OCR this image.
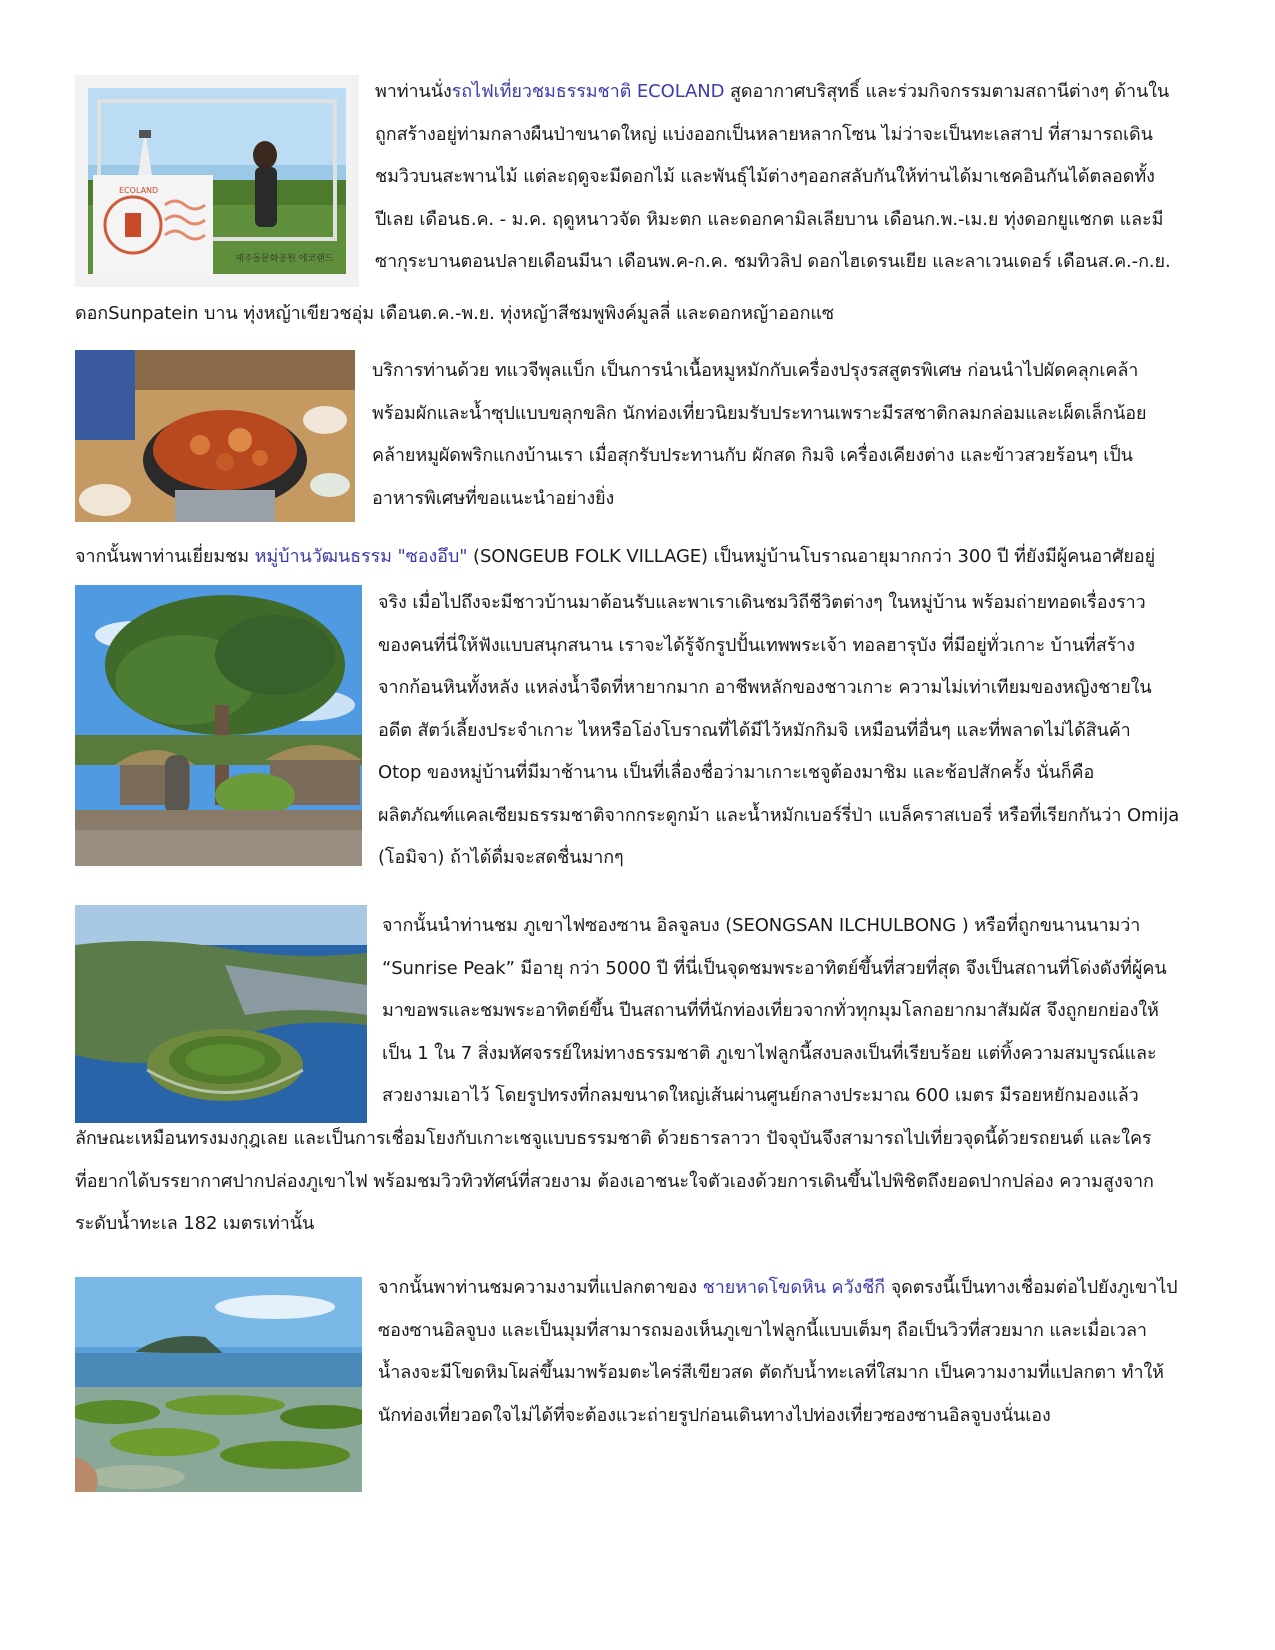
제주돌문화공원 에코랜드
ECOLAND
พาท่านนั่งรถไฟเที่ยวชมธรรมชาติ ECOLAND สูดอากาศบริสุทธิ์ และร่วมกิจกรรมตามสถานีต่างๆ ด้านใน
ถูกสร้างอยู่ท่ามกลางผืนป่าขนาดใหญ่ แบ่งออกเป็นหลายหลากโซน ไม่ว่าจะเป็นทะเลสาป ที่สามารถเดิน
ชมวิวบนสะพานไม้ แต่ละฤดูจะมีดอกไม้ และพันธุ์ไม้ต่างๆออกสลับกันให้ท่านได้มาเชคอินกันได้ตลอดทั้ง
ปีเลย เดือนธ.ค. - ม.ค. ฤดูหนาวจัด หิมะตก และดอกคามิลเลียบาน เดือนก.พ.-เม.ย ทุ่งดอกยูแชกต และมี
ซากุระบานตอนปลายเดือนมีนา เดือนพ.ค-ก.ค. ชมทิวลิป ดอกไฮเดรนเยีย และลาเวนเดอร์ เดือนส.ค.-ก.ย.
ดอกSunpatein บาน ทุ่งหญ้าเขียวชอุ่ม เดือนต.ค.-พ.ย. ทุ่งหญ้าสีชมพูพิงค์มูลลี่ และดอกหญ้าออกแซ
บริการท่านด้วย ทแวจีพุลแบ็ก เป็นการนำเนื้อหมูหมักกับเครื่องปรุงรสสูตรพิเศษ ก่อนนำไปผัดคลุกเคล้า
พร้อมผักและน้ำซุปแบบขลุกขลิก นักท่องเที่ยวนิยมรับประทานเพราะมีรสชาติกลมกล่อมและเผ็ดเล็กน้อย
คล้ายหมูผัดพริกแกงบ้านเรา เมื่อสุกรับประทานกับ ผักสด กิมจิ เครื่องเคียงต่าง และข้าวสวยร้อนๆ เป็น
อาหารพิเศษที่ขอแนะนำอย่างยิ่ง
จากนั้นพาท่านเยี่ยมชม หมู่บ้านวัฒนธรรม "ซองอึบ" (SONGEUB FOLK VILLAGE) เป็นหมู่บ้านโบราณอายุมากกว่า 300 ปี ที่ยังมีผู้คนอาศัยอยู่
จริง เมื่อไปถึงจะมีชาวบ้านมาต้อนรับและพาเราเดินชมวิถีชีวิตต่างๆ ในหมู่บ้าน พร้อมถ่ายทอดเรื่องราว
ของคนที่นี่ให้ฟังแบบสนุกสนาน เราจะได้รู้จักรูปปั้นเทพพระเจ้า ทอลฮารุบัง ที่มีอยู่ทั่วเกาะ บ้านที่สร้าง
จากก้อนหินทั้งหลัง แหล่งน้ำจืดที่หายากมาก อาชีพหลักของชาวเกาะ ความไม่เท่าเทียมของหญิงชายใน
อดีต สัตว์เลี้ยงประจำเกาะ ไหหรือโอ่งโบราณที่ได้มีไว้หมักกิมจิ เหมือนที่อื่นๆ และที่พลาดไม่ได้สินค้า
Otop ของหมู่บ้านที่มีมาช้านาน เป็นที่เลื่องชื่อว่ามาเกาะเชจูต้องมาชิม และช้อปสักครั้ง นั่นก็คือ
ผลิตภัณฑ์แคลเซียมธรรมชาติจากกระดูกม้า และน้ำหมักเบอร์รี่ป่า แบล็คราสเบอรี่ หรือที่เรียกกันว่า Omija
(โอมิจา) ถ้าได้ดื่มจะสดชื่นมากๆ
จากนั้นนำท่านชม ภูเขาไฟซองซาน อิลจูลบง (SEONGSAN ILCHULBONG ) หรือที่ถูกขนานนามว่า
“Sunrise Peak” มีอายุ กว่า 5000 ปี ที่นี่เป็นจุดชมพระอาทิตย์ขึ้นที่สวยที่สุด จึงเป็นสถานที่โด่งดังที่ผู้คน
มาขอพรและชมพระอาทิตย์ขึ้น ปีนสถานที่ที่นักท่องเที่ยวจากทั่วทุกมุมโลกอยากมาสัมผัส จึงถูกยกย่องให้
เป็น 1 ใน 7 สิ่งมหัศจรรย์ใหม่ทางธรรมชาติ ภูเขาไฟลูกนี้สงบลงเป็นที่เรียบร้อย แต่ทิ้งความสมบูรณ์และ
สวยงามเอาไว้ โดยรูปทรงที่กลมขนาดใหญ่เส้นผ่านศูนย์กลางประมาณ 600 เมตร มีรอยหยักมองแล้ว
ลักษณะเหมือนทรงมงกุฎเลย และเป็นการเชื่อมโยงกับเกาะเชจูแบบธรรมชาติ ด้วยธารลาวา ปัจจุบันจึงสามารถไปเที่ยวจุดนี้ด้วยรถยนต์ และใคร
ที่อยากได้บรรยากาศปากปล่องภูเขาไฟ พร้อมชมวิวทิวทัศน์ที่สวยงาม ต้องเอาชนะใจตัวเองด้วยการเดินขึ้นไปพิชิตถึงยอดปากปล่อง ความสูงจาก
ระดับน้ำทะเล 182 เมตรเท่านั้น
จากนั้นพาท่านชมความงามที่แปลกตาของ ชายหาดโขดหิน ควังชีกี จุดตรงนี้เป็นทางเชื่อมต่อไปยังภูเขาไป
ซองซานอิลจูบง และเป็นมุมที่สามารถมองเห็นภูเขาไฟลูกนี้แบบเต็มๆ ถือเป็นวิวที่สวยมาก และเมื่อเวลา
น้ำลงจะมีโขดหิมโผล่ขึ้นมาพร้อมตะไคร่สีเขียวสด ตัดกับน้ำทะเลที่ใสมาก เป็นความงามที่แปลกตา ทำให้
นักท่องเที่ยวอดใจไม่ได้ที่จะต้องแวะถ่ายรูปก่อนเดินทางไปท่องเที่ยวซองซานอิลจูบงนั่นเอง
